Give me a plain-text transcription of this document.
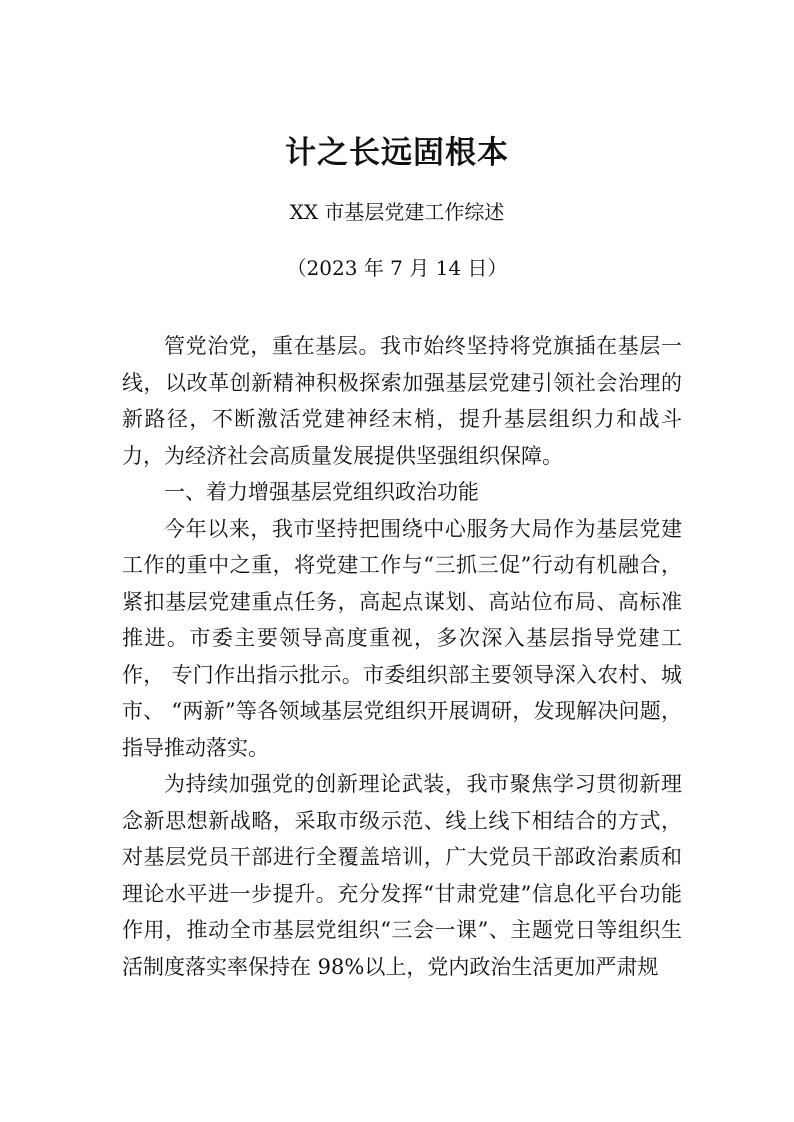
计之长远固根本
XX 市基层党建工作综述
（2023 年 7 月 14 日）

管党治党，重在基层。我市始终坚持将党旗插在基层一线，以改革创新精神积极探索加强基层党建引领社会治理的新路径，不断激活党建神经末梢，提升基层组织力和战斗力，为经济社会高质量发展提供坚强组织保障。

一、着力增强基层党组织政治功能

今年以来，我市坚持把围绕中心服务大局作为基层党建工作的重中之重，将党建工作与“三抓三促”行动有机融合，紧扣基层党建重点任务，高起点谋划、高站位布局、高标准推进。市委主要领导高度重视，多次深入基层指导党建工作， 专门作出指示批示。市委组织部主要领导深入农村、城市、 “两新”等各领域基层党组织开展调研，发现解决问题，指导推动落实。

为持续加强党的创新理论武装，我市聚焦学习贯彻新理念新思想新战略，采取市级示范、线上线下相结合的方式， 对基层党员干部进行全覆盖培训，广大党员干部政治素质和理论水平进一步提升。充分发挥“甘肃党建”信息化平台功能作用，推动全市基层党组织“三会一课”、主题党日等组织生活制度落实率保持在 98%以上，党内政治生活更加严肃规
